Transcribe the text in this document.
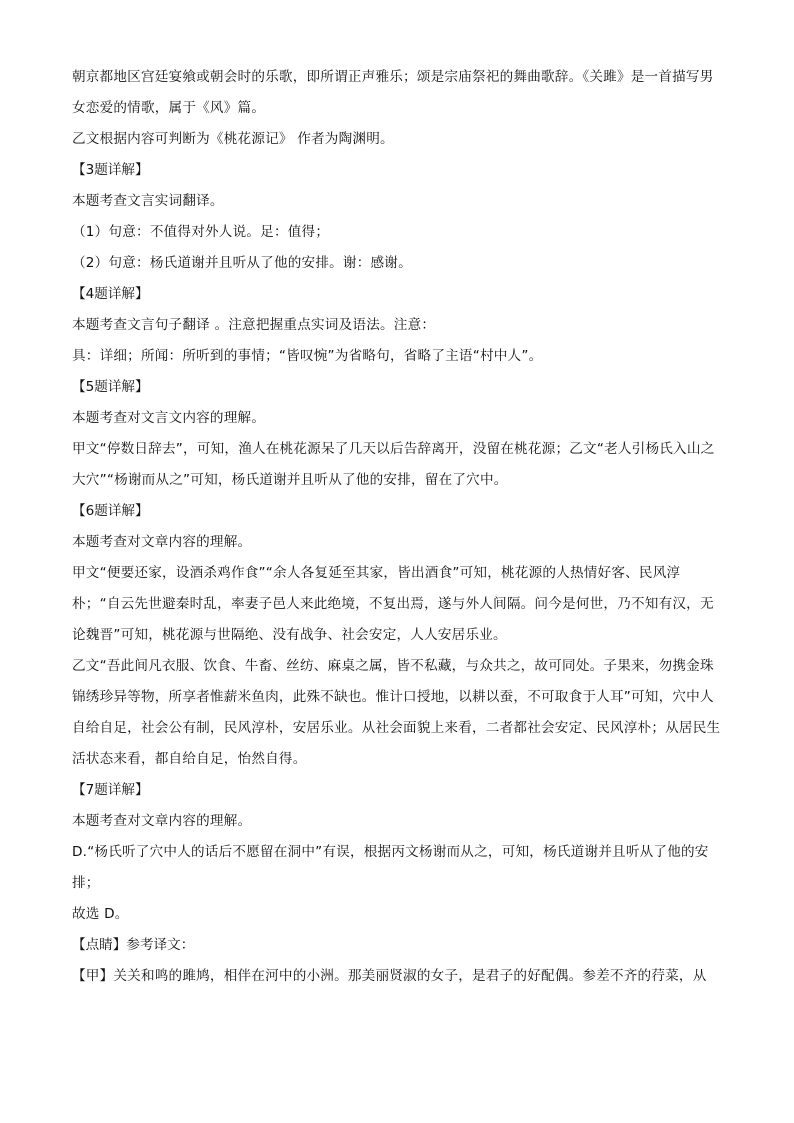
朝京都地区宫廷宴飨或朝会时的乐歌，即所谓正声雅乐；颂是宗庙祭祀的舞曲歌辞。《关雎》是一首描写男女恋爱的情歌，属于《风》篇。

乙文根据内容可判断为《桃花源记》 作者为陶渊明。

【3题详解】

本题考查文言实词翻译。

（1）句意：不值得对外人说。足：值得；

（2）句意：杨氏道谢并且听从了他的安排。谢：感谢。

【4题详解】

本题考查文言句子翻译 。注意把握重点实词及语法。注意：

具：详细；所闻：所听到的事情；“皆叹惋”为省略句，省略了主语“村中人”。

【5题详解】

本题考查对文言文内容的理解。

甲文“停数日辞去”，可知，渔人在桃花源呆了几天以后告辞离开，没留在桃花源；乙文“老人引杨氏入山之大穴”“杨谢而从之”可知，杨氏道谢并且听从了他的安排，留在了穴中。

【6题详解】

本题考查对文章内容的理解。

甲文“便要还家，设酒杀鸡作食”“余人各复延至其家，皆出酒食”可知，桃花源的人热情好客、民风淳朴；“自云先世避秦时乱，率妻子邑人来此绝境，不复出焉，遂与外人间隔。问今是何世，乃不知有汉，无论魏晋”可知，桃花源与世隔绝、没有战争、社会安定，人人安居乐业。

乙文“吾此间凡衣服、饮食、牛畜、丝纺、麻桌之属，皆不私藏，与众共之，故可同处。子果来，勿携金珠锦绣珍异等物，所享者惟薪米鱼肉，此殊不缺也。惟计口授地，以耕以蚕，不可取食于人耳”可知，穴中人自给自足，社会公有制，民风淳朴，安居乐业。从社会面貌上来看，二者都社会安定、民风淳朴；从居民生活状态来看，都自给自足，怡然自得。

【7题详解】

本题考查对文章内容的理解。

D.“杨氏听了穴中人的话后不愿留在洞中”有误，根据丙文杨谢而从之，可知，杨氏道谢并且听从了他的安排；

故选 D。

【点睛】参考译文：

【甲】关关和鸣的雎鸠，相伴在河中的小洲。那美丽贤淑的女子，是君子的好配偶。参差不齐的荇菜，从
